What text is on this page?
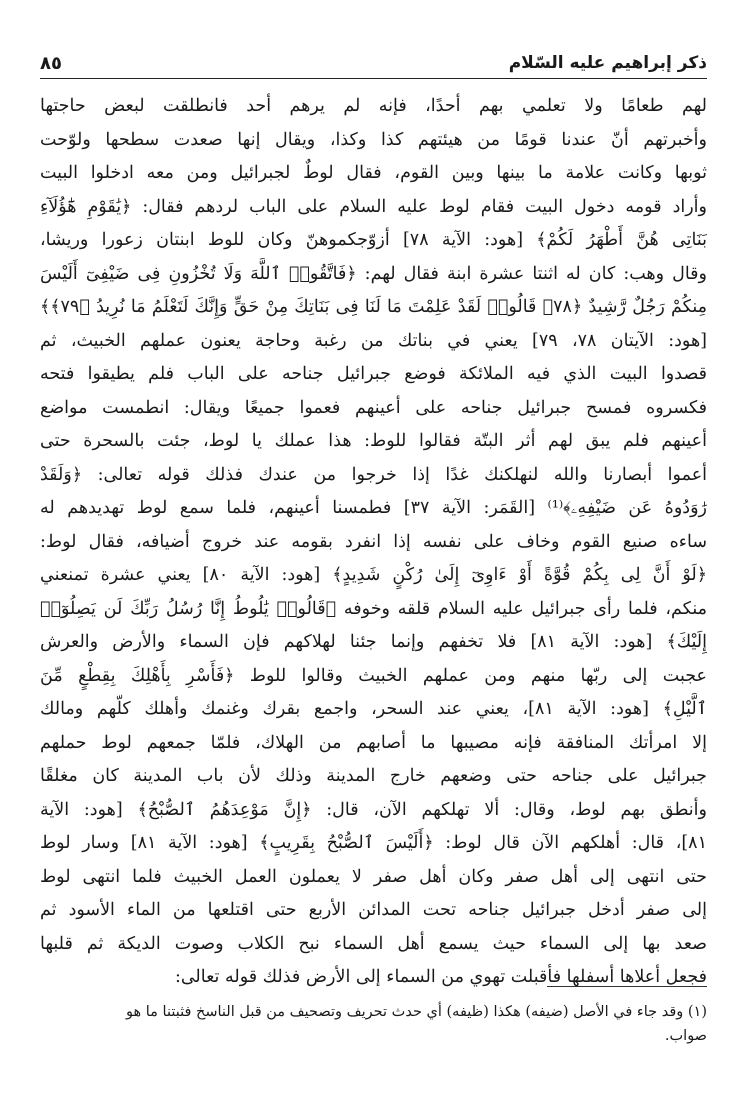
ذكر إبراهيم عليه السّلام
٨٥
لهم طعامًا ولا تعلمي بهم أحدًا، فإنه لم يرهم أحد فانطلقت لبعض حاجتها
وأخبرتهم أنّ عندنا قومًا من هيئتهم كذا وكذا، ويقال إنها صعدت سطحها ولوّحت
ثوبها وكانت علامة ما بينها وبين القوم، فقال لوطٌ لجبرائيل ومن معه ادخلوا البيت
وأراد قومه دخول البيت فقام لوط عليه السلام على الباب لردهم فقال: ﴿يَٰقَوْمِ هَٰٓؤُلَآءِ
بَنَاتِى هُنَّ أَطْهَرُ لَكُمْ﴾ [هود: الآية ٧٨] أزوّجكموهنّ وكان للوط ابنتان زعورا وريشا،
وقال وهب: كان له اثنتا عشرة ابنة فقال لهم: ﴿فَاتَّقُوا۟ ٱللَّهَ وَلَا تُخْزُونِ فِى ضَيْفِىٓ أَلَيْسَ
مِنكُمْ رَجُلٌ رَّشِيدٌ ﴿٧٨﴾ قَالُوا۟ لَقَدْ عَلِمْتَ مَا لَنَا فِى بَنَاتِكَ مِنْ حَقٍّ وَإِنَّكَ لَتَعْلَمُ مَا نُرِيدُ ﴿٧٩﴾﴾
[هود: الآيتان ٧٨، ٧٩] يعني في بناتك من رغبة وحاجة يعنون عملهم الخبيث، ثم
قصدوا البيت الذي فيه الملائكة فوضع جبرائيل جناحه على الباب فلم يطيقوا فتحه
فكسروه فمسح جبرائيل جناحه على أعينهم فعموا جميعًا ويقال: انطمست مواضع
أعينهم فلم يبق لهم أثر البتّة فقالوا للوط: هذا عملك يا لوط، جئت بالسحرة حتى
أعموا أبصارنا والله لنهلكنك غدًا إذا خرجوا من عندك فذلك قوله تعالى: ﴿وَلَقَدْ
رَٰوَدُوهُ عَن ضَيْفِهِۦ﴾⁽¹⁾ [القَمَر: الآية ٣٧] فطمسنا أعينهم، فلما سمع لوط تهديدهم له
ساءه صنيع القوم وخاف على نفسه إذا انفرد بقومه عند خروج أضيافه، فقال لوط:
﴿لَوْ أَنَّ لِى بِكُمْ قُوَّةً أَوْ ءَاوِىٓ إِلَىٰ رُكْنٍ شَدِيدٍ﴾ [هود: الآية ٨٠] يعني عشرة تمنعني
منكم، فلما رأى جبرائيل عليه السلام قلقه وخوفه ﴿قَالُوا۟ يَٰلُوطُ إِنَّا رُسُلُ رَبِّكَ لَن يَصِلُوٓا۟
إِلَيْكَ﴾ [هود: الآية ٨١] فلا تخفهم وإنما جئنا لهلاكهم فإن السماء والأرض والعرش
عجبت إلى ربّها منهم ومن عملهم الخبيث وقالوا للوط ﴿فَأَسْرِ بِأَهْلِكَ بِقِطْعٍ مِّنَ
ٱلَّيْلِ﴾ [هود: الآية ٨١]، يعني عند السحر، واجمع بقرك وغنمك وأهلك كلّهم ومالك
إلا امرأتك المنافقة فإنه مصيبها ما أصابهم من الهلاك، فلمّا جمعهم لوط حملهم
جبرائيل على جناحه حتى وضعهم خارج المدينة وذلك لأن باب المدينة كان مغلقًا
وأنطق بهم لوط، وقال: ألا تهلكهم الآن، قال: ﴿إِنَّ مَوْعِدَهُمُ ٱلصُّبْحُ﴾ [هود: الآية
٨١]، قال: أهلكهم الآن قال لوط: ﴿أَلَيْسَ ٱلصُّبْحُ بِقَرِيبٍ﴾ [هود: الآية ٨١] وسار لوط
حتى انتهى إلى أهل صفر وكان أهل صفر لا يعملون العمل الخبيث فلما انتهى لوط
إلى صفر أدخل جبرائيل جناحه تحت المدائن الأربع حتى اقتلعها من الماء الأسود ثم
صعد بها إلى السماء حيث يسمع أهل السماء نبح الكلاب وصوت الديكة ثم قلبها
فجعل أعلاها أسفلها فأقبلت تهوي من السماء إلى الأرض فذلك قوله تعالى:
(١) وقد جاء في الأصل (ضيفه) هكذا (ظيفه) أي حدث تحريف وتصحيف من قبل الناسخ فثبتنا ما هو
صواب.
